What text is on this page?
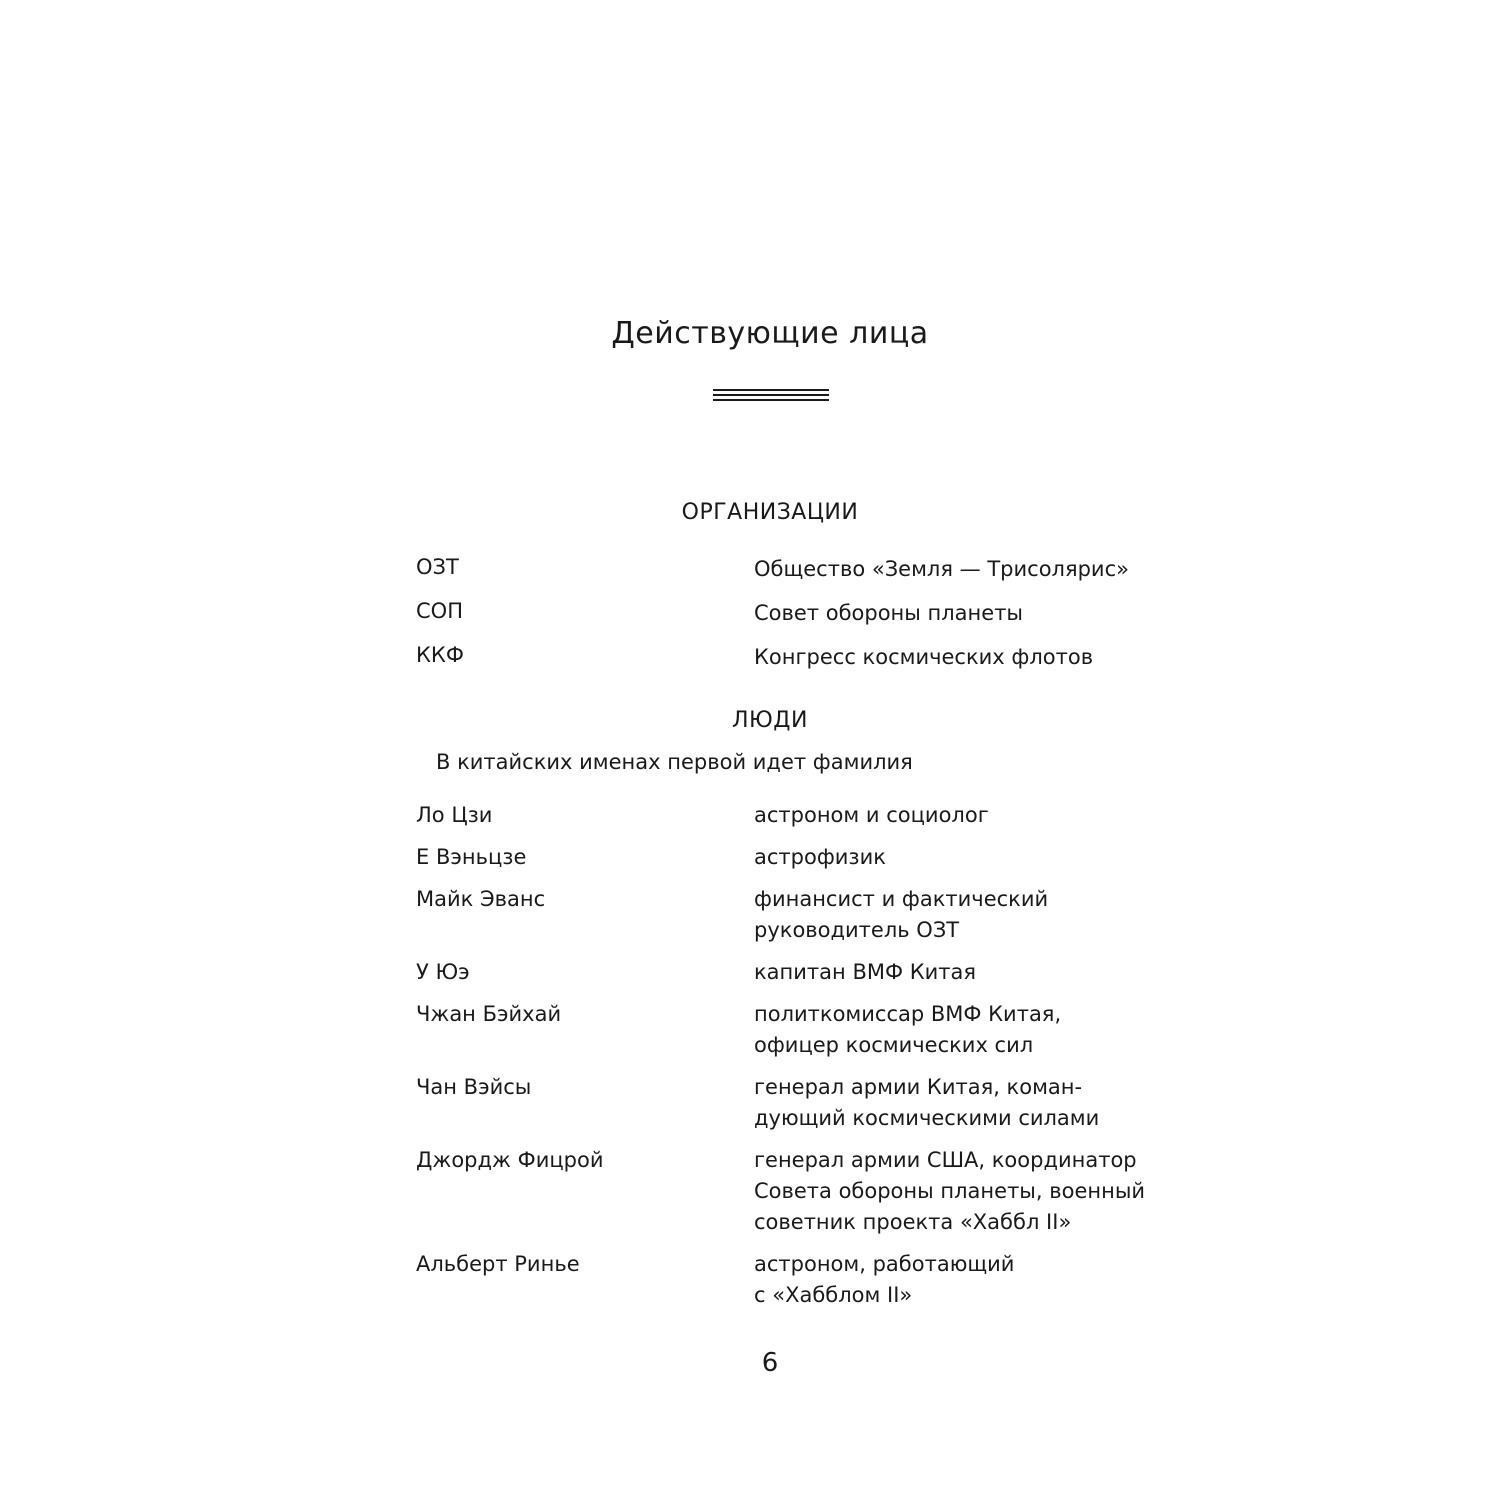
Действующие лица
ОРГАНИЗАЦИИ
ОЗТ	Общество «Земля — Трисолярис»
СОП	Совет обороны планеты
ККФ	Конгресс космических флотов
ЛЮДИ

В китайских именах первой идет фамилия

Ло Цзи	астроном и социолог
Е Вэньцзе	астрофизик
Майк Эванс	финансист и фактический
руководитель ОЗТ
У Юэ	капитан ВМФ Китая
Чжан Бэйхай	политкомиссар ВМФ Китая,
офицер космических сил
Чан Вэйсы	генерал армии Китая, коман-
дующий космическими силами
Джордж Фицрой	генерал армии США, координатор
Совета обороны планеты, военный
советник проекта «Хаббл II»
Альберт Ринье	астроном, работающий
с «Хабблом II»

6
